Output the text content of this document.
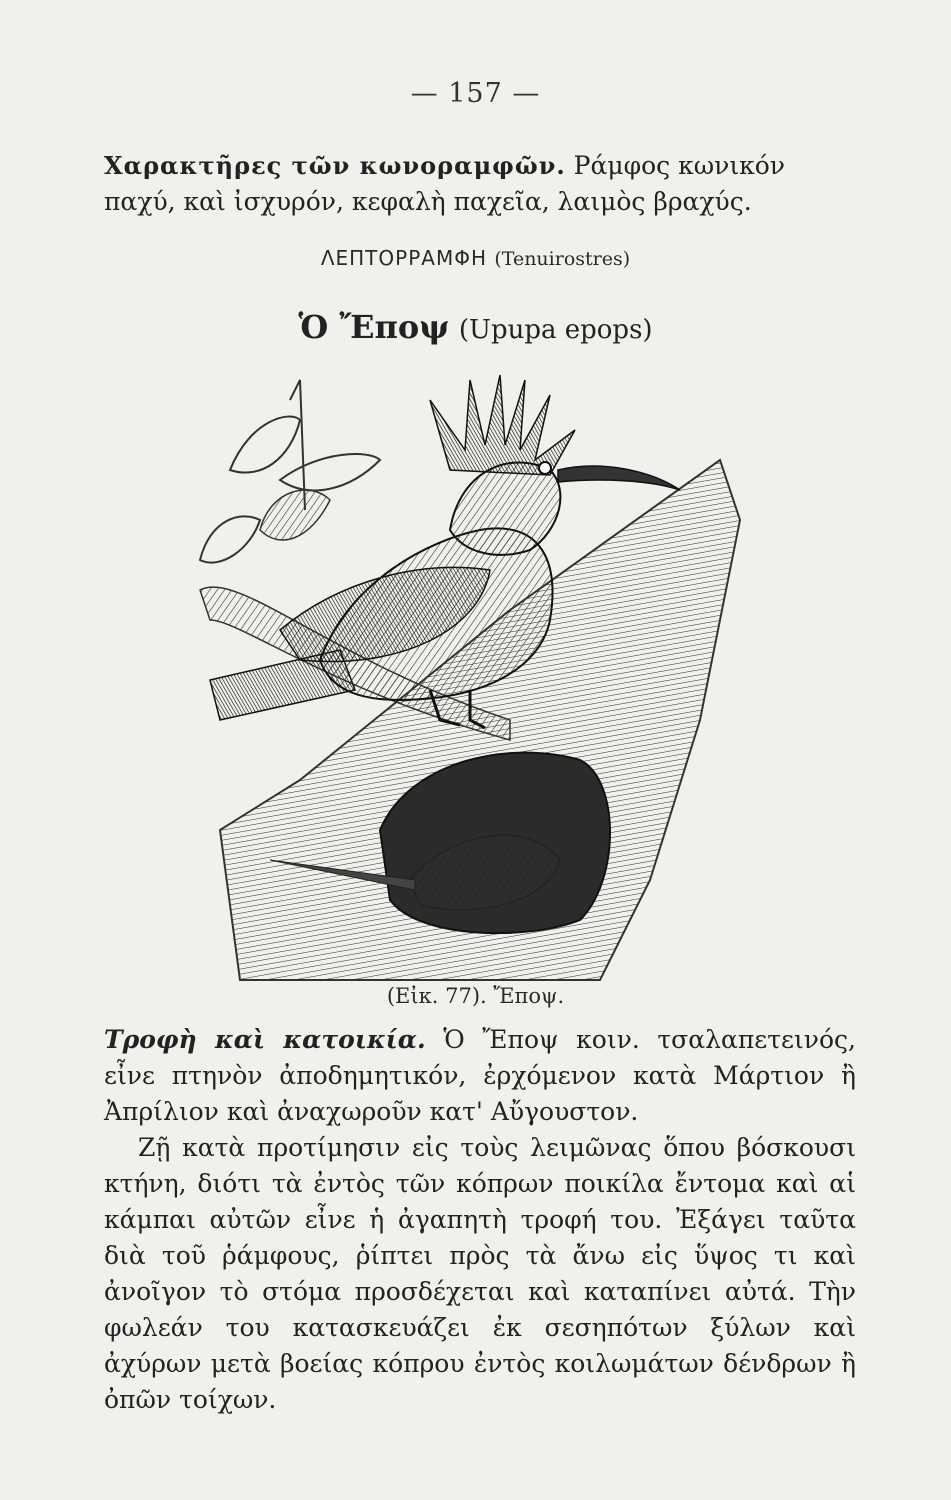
— 157 —

Χαρακτῆρες τῶν κωνοραμφῶν. Ράμφος κωνικόν παχύ, καὶ ἰσχυρόν, κεφαλὴ παχεῖα, λαιμὸς βραχύς.

ΛΕΠΤΟΡΡΑΜΦΗ (Tenuirostres)
Ὁ Ἔποψ (Upupa epops)
(Εἰκ. 77). Ἔποψ.

Τροφὴ καὶ κατοικία. Ὁ Ἔποψ κοιν. τσαλαπετεινός, εἶνε πτηνὸν ἀποδημητικόν, ἐρχόμενον κατὰ Μάρτιον ἢ Ἀπρίλιον καὶ ἀναχωροῦν κατ' Αὔγουστον.

Ζῇ κατὰ προτίμησιν εἰς τοὺς λειμῶνας ὅπου βόσκουσι κτήνη, διότι τὰ ἐντὸς τῶν κόπρων ποικίλα ἔντομα καὶ αἱ κάμπαι αὐτῶν εἶνε ἡ ἀγαπητὴ τροφή του. Ἐξάγει ταῦτα διὰ τοῦ ῥάμφους, ῥίπτει πρὸς τὰ ἄνω εἰς ὕψος τι καὶ ἀνοῖγον τὸ στόμα προσδέχεται καὶ καταπίνει αὐτά. Τὴν φωλεάν του κατασκευάζει ἐκ σεσηπότων ξύλων καὶ ἀχύρων μετὰ βοείας κόπρου ἐντὸς κοιλωμάτων δένδρων ἢ ὀπῶν τοίχων.
